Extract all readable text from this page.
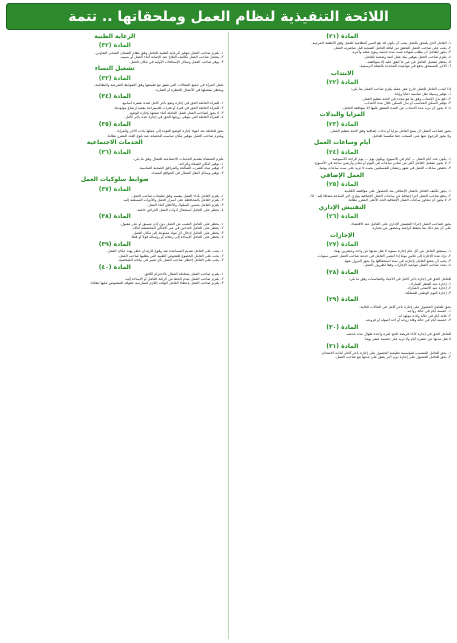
اللائحة التنفيذية لنظام العمل وملحقاتها .. تتمة
المادة (٢١)
١- العامل الذي يلتحق بالعمل يجب أن يكون قد بلغ السن النظامية للعمل وفق الأنظمة المرعية.
٢- يجب على صاحب العمل التحقق من لياقة العامل الصحية قبل مباشرته العمل.
٣- يجوز للعامل أن يطلب شهادة تثبت مدة خدمته ونوع عمله وأجره.
٤- يلتزم صاحب العمل بتوفير بيئة عمل آمنة وصحية للعامل.
٥- يحظر تشغيل العامل في غير ما اتفق عليه إلا بموافقته.
٦- الأجر المستحق يدفع في مواعيده المحددة بالعملة الرسمية.
الانتداب
المادة (٢٢)
إذا انتدب العامل للعمل خارج مقر عمله يلتزم صاحب العمل بما يلي:
١- توفير وسيلة نقل مناسبة ذهاباً وإياباً.
٢- دفع بدل الانتداب وفق ما هو محدد في لائحة تنظيم العمل.
٣- توفير السكن المناسب أو بدل السكن خلال مدة الانتداب.
٤- لا يجوز أن تزيد مدة الانتداب عن المدة المتفق عليها إلا بموافقة العامل.
المزايا والبدلات
المادة (٢٣)
يجوز لصاحب العمل أن يمنح العامل مزايا أو بدلات إضافية وفق لائحة تنظيم العمل،
ولا يجوز الرجوع عنها متى أصبحت حقاً مكتسباً للعامل.
أيام وساعات العمل
المادة (٢٤)
١- يكون عدد أيام العمل ... أيام في الأسبوع، ويكون يوم ... يوم الراحة الأسبوعية.
٢- لا يجوز تشغيل العامل أكثر من ثماني ساعات في اليوم أو ثمان وأربعين ساعة في الأسبوع.
٣- تخفض ساعات العمل في شهر رمضان للمسلمين بحيث لا تزيد على ست ساعات يومياً.
العمل الإضافي
المادة (٢٥)
١- يجوز تكليف العامل بالعمل الإضافي بعد الحصول على موافقته الكتابية.
٢- يدفع صاحب العمل أجراً إضافياً عن ساعات العمل الإضافية يوازي أجر الساعة مضافاً إليه ٥٠٪.
٣- لا يجوز أن تتجاوز ساعات العمل الإضافية الحد الأعلى المقرر نظاماً.
التفتيش الإداري
المادة (٢٦)
يجوز لصاحب العمل إجراء التفتيش الإداري على العامل عند الاقتضاء،
على أن يتم ذلك بما يحفظ كرامته وبحضور من يختاره.
الإجازات
المادة (٢٧)
١- يستحق العامل عن كل عام إجازة سنوية لا تقل مدتها عن واحد وعشرين يوماً.
٢- تزاد مدة الإجازة إلى ثلاثين يوماً إذا أمضى العامل في خدمة صاحب العمل خمس سنوات.
٣- يجب أن يتمتع العامل بإجازته في سنة استحقاقها ولا يجوز النزول عنها.
٤- يحدد صاحب العمل مواعيد الإجازات وفقاً لظروف العمل.
المادة (٢٨)
للعامل الحق في إجازة بأجر كامل في الأعياد والمناسبات وفق ما يلي:
١- إجازة عيد الفطر المبارك.
٢- إجازة عيد الأضحى المبارك.
٣- إجازة اليوم الوطني للمملكة.
المادة (٢٩)
يحق للعامل الحصول على إجازة بأجر كامل في الحالات التالية:
١- خمسة أيام في حالة زواجه.
٢- ثلاثة أيام في حالة ولادة مولود له.
٣- خمسة أيام في حالة وفاة زوجه أو أحد أصوله أو فروعه.
المادة (٣٠)
للعامل الحق في إجازة لأداء فريضة الحج لمرة واحدة طوال مدة خدمته،
لا تقل مدتها عن عشرة أيام ولا تزيد على خمسة عشر يوماً.
المادة (٣١)
١- يحق للعامل المنتسب لمؤسسة تعليمية الحصول على إجازة بأجر كامل لتأدية الامتحان.
٢- يحق للعامل الحصول على إجازة دون أجر يتفق على مدتها مع صاحب العمل.
الرعاية الطبية
المادة (٣٢)
١- يلتزم صاحب العمل بتوفير الرعاية الطبية للعامل وفق نظام الضمان الصحي التعاوني.
٢- يتحمل صاحب العمل تكاليف العلاج عند الإصابة أثناء العمل أو بسببه.
٣- يوفر صاحب العمل وسائل الإسعافات الأولية في مكان العمل.
تشغيل النساء
المادة (٣٣)
تعمل المرأة في جميع المجالات التي تتفق مع طبيعتها وفق الضوابط الشرعية والنظامية،
ويحظر تشغيلها في الأعمال الخطرة أو الضارة.
المادة (٣٤)
١- للمرأة العاملة الحق في إجازة وضع بأجر كامل لمدة عشرة أسابيع.
٢- للمرأة العاملة الحق في فترة أو فترات للاستراحة بقصد إرضاع مولودها.
٣- لا يجوز لصاحب العمل فصل العاملة أثناء تمتعها بإجازة الوضع.
٤- للمرأة العاملة التي يتوفى زوجها الحق في إجازة عدة بأجر كامل.
المادة (٣٥)
يحق للعاملة بعد انتهاء إجازة الوضع العودة إلى عملها بذات الأجر والمزايا،
ويلتزم صاحب العمل بتوفير مكان مناسب للحضانة عند بلوغ العدد المقرر نظاماً.
الخدمات الاجتماعية
المادة (٣٦)
تلتزم المنشأة بتقديم الخدمات الاجتماعية للعمال وفق ما يلي:
١- توفير أماكن للصلاة والراحة.
٢- توفير مياه الشرب الصالحة والمرافق الصحية المناسبة.
٣- توفير وسائل النقل للعمال في المواقع البعيدة.
ضوابط سلوكيات العمل
المادة (٣٧)
١- يلتزم العامل بأداء العمل بنفسه وفق تعليمات صاحب العمل.
٢- يلتزم العامل بالمحافظة على أسرار العمل والأدوات المسلمة إليه.
٣- يلتزم العامل بحسن السلوك والأخلاق أثناء العمل.
٤- يحظر على العامل استعمال أدوات العمل لأغراض خاصة.
المادة (٣٨)
١- يحظر على العامل التغيب عن العمل دون إذن مسبق أو عذر مقبول.
٢- يحظر على العامل التدخين في غير الأماكن المخصصة لذلك.
٣- يحظر على العامل إدخال أي مواد ممنوعة إلى مكان العمل.
٤- يحظر على العامل الإساءة إلى زملائه أو رؤسائه قولاً أو فعلاً.
المادة (٣٩)
١- يجب على العامل تقديم المساعدة عند وقوع كارثة أو خطر يهدد مكان العمل.
٢- يجب على العامل الخضوع للفحوص الطبية التي يطلبها صاحب العمل.
٣- يجب على العامل إخطار صاحب العمل بأي تغيير في بياناته الشخصية.
المادة (٤٠)
١- يلتزم صاحب العمل بمعاملة العمال بالاحترام اللائق.
٢- يلتزم صاحب العمل بعدم الحط من كرامة العامل أو الإساءة إليه.
٣- يلتزم صاحب العمل بإعطاء العامل الوقت اللازم لممارسة حقوقه المنصوص عليها نظاماً.
